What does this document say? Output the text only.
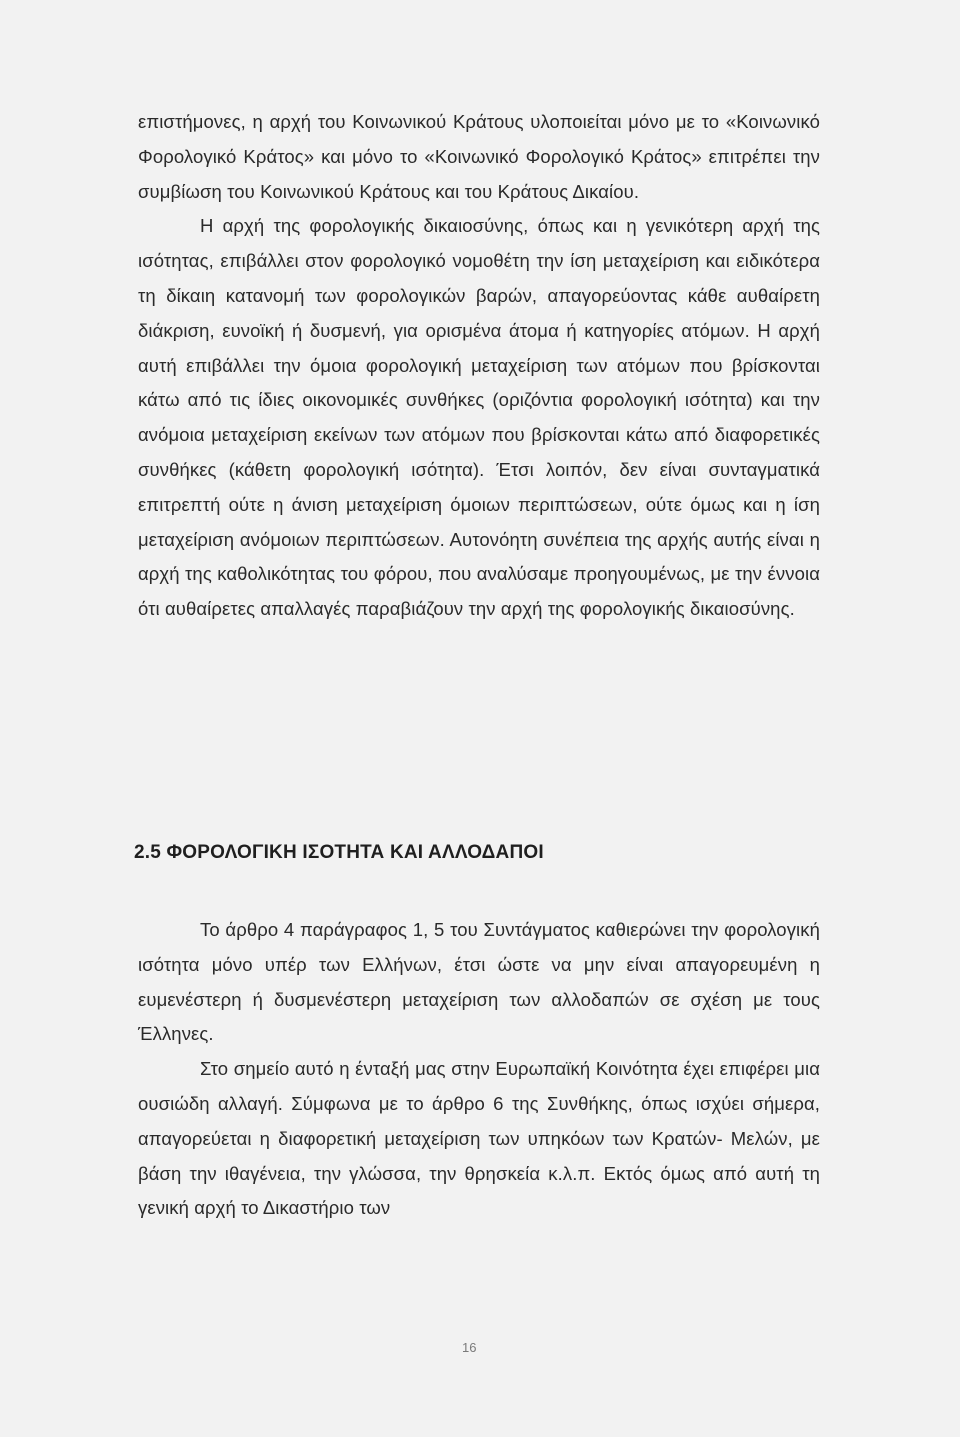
επιστήμονες, η αρχή του Κοινωνικού Κράτους υλοποιείται μόνο με το «Κοινωνικό Φορολογικό Κράτος» και μόνο το «Κοινωνικό Φορολογικό Κράτος» επιτρέπει την συμβίωση του Κοινωνικού Κράτους και του Κράτους Δικαίου.

Η αρχή της φορολογικής δικαιοσύνης, όπως και η γενικότερη αρχή της ισότητας, επιβάλλει στον φορολογικό νομοθέτη την ίση μεταχείριση και ειδικότερα τη δίκαιη κατανομή των φορολογικών βαρών, απαγορεύοντας κάθε αυθαίρετη διάκριση, ευνοϊκή ή δυσμενή, για ορισμένα άτομα ή κατηγορίες ατόμων. Η αρχή αυτή επιβάλλει την όμοια φορολογική μεταχείριση των ατόμων που βρίσκονται κάτω από τις ίδιες οικονομικές συνθήκες (οριζόντια φορολογική ισότητα) και την ανόμοια μεταχείριση εκείνων των ατόμων που βρίσκονται κάτω από διαφορετικές συνθήκες (κάθετη φορολογική ισότητα). Έτσι λοιπόν, δεν είναι συνταγματικά επιτρεπτή ούτε η άνιση μεταχείριση όμοιων περιπτώσεων, ούτε όμως και η ίση μεταχείριση ανόμοιων περιπτώσεων. Αυτονόητη συνέπεια της αρχής αυτής είναι η αρχή της καθολικότητας του φόρου, που αναλύσαμε προηγουμένως, με την έννοια ότι αυθαίρετες απαλλαγές παραβιάζουν την αρχή της φορολογικής δικαιοσύνης.

2.5 ΦΟΡΟΛΟΓΙΚΗ ΙΣΟΤΗΤΑ ΚΑΙ ΑΛΛΟΔΑΠΟΙ

Το άρθρο 4 παράγραφος 1, 5 του Συντάγματος καθιερώνει την φορολογική ισότητα μόνο υπέρ των Ελλήνων, έτσι ώστε να μην είναι απαγορευμένη η ευμενέστερη ή δυσμενέστερη μεταχείριση των αλλοδαπών σε σχέση με τους Έλληνες.

Στο σημείο αυτό η ένταξή μας στην Ευρωπαϊκή Κοινότητα έχει επιφέρει μια ουσιώδη αλλαγή. Σύμφωνα με το άρθρο 6 της Συνθήκης, όπως ισχύει σήμερα, απαγορεύεται η διαφορετική μεταχείριση των υπηκόων των Κρατών- Μελών, με βάση την ιθαγένεια, την γλώσσα, την θρησκεία κ.λ.π. Εκτός όμως από αυτή τη γενική αρχή το Δικαστήριο των

16
